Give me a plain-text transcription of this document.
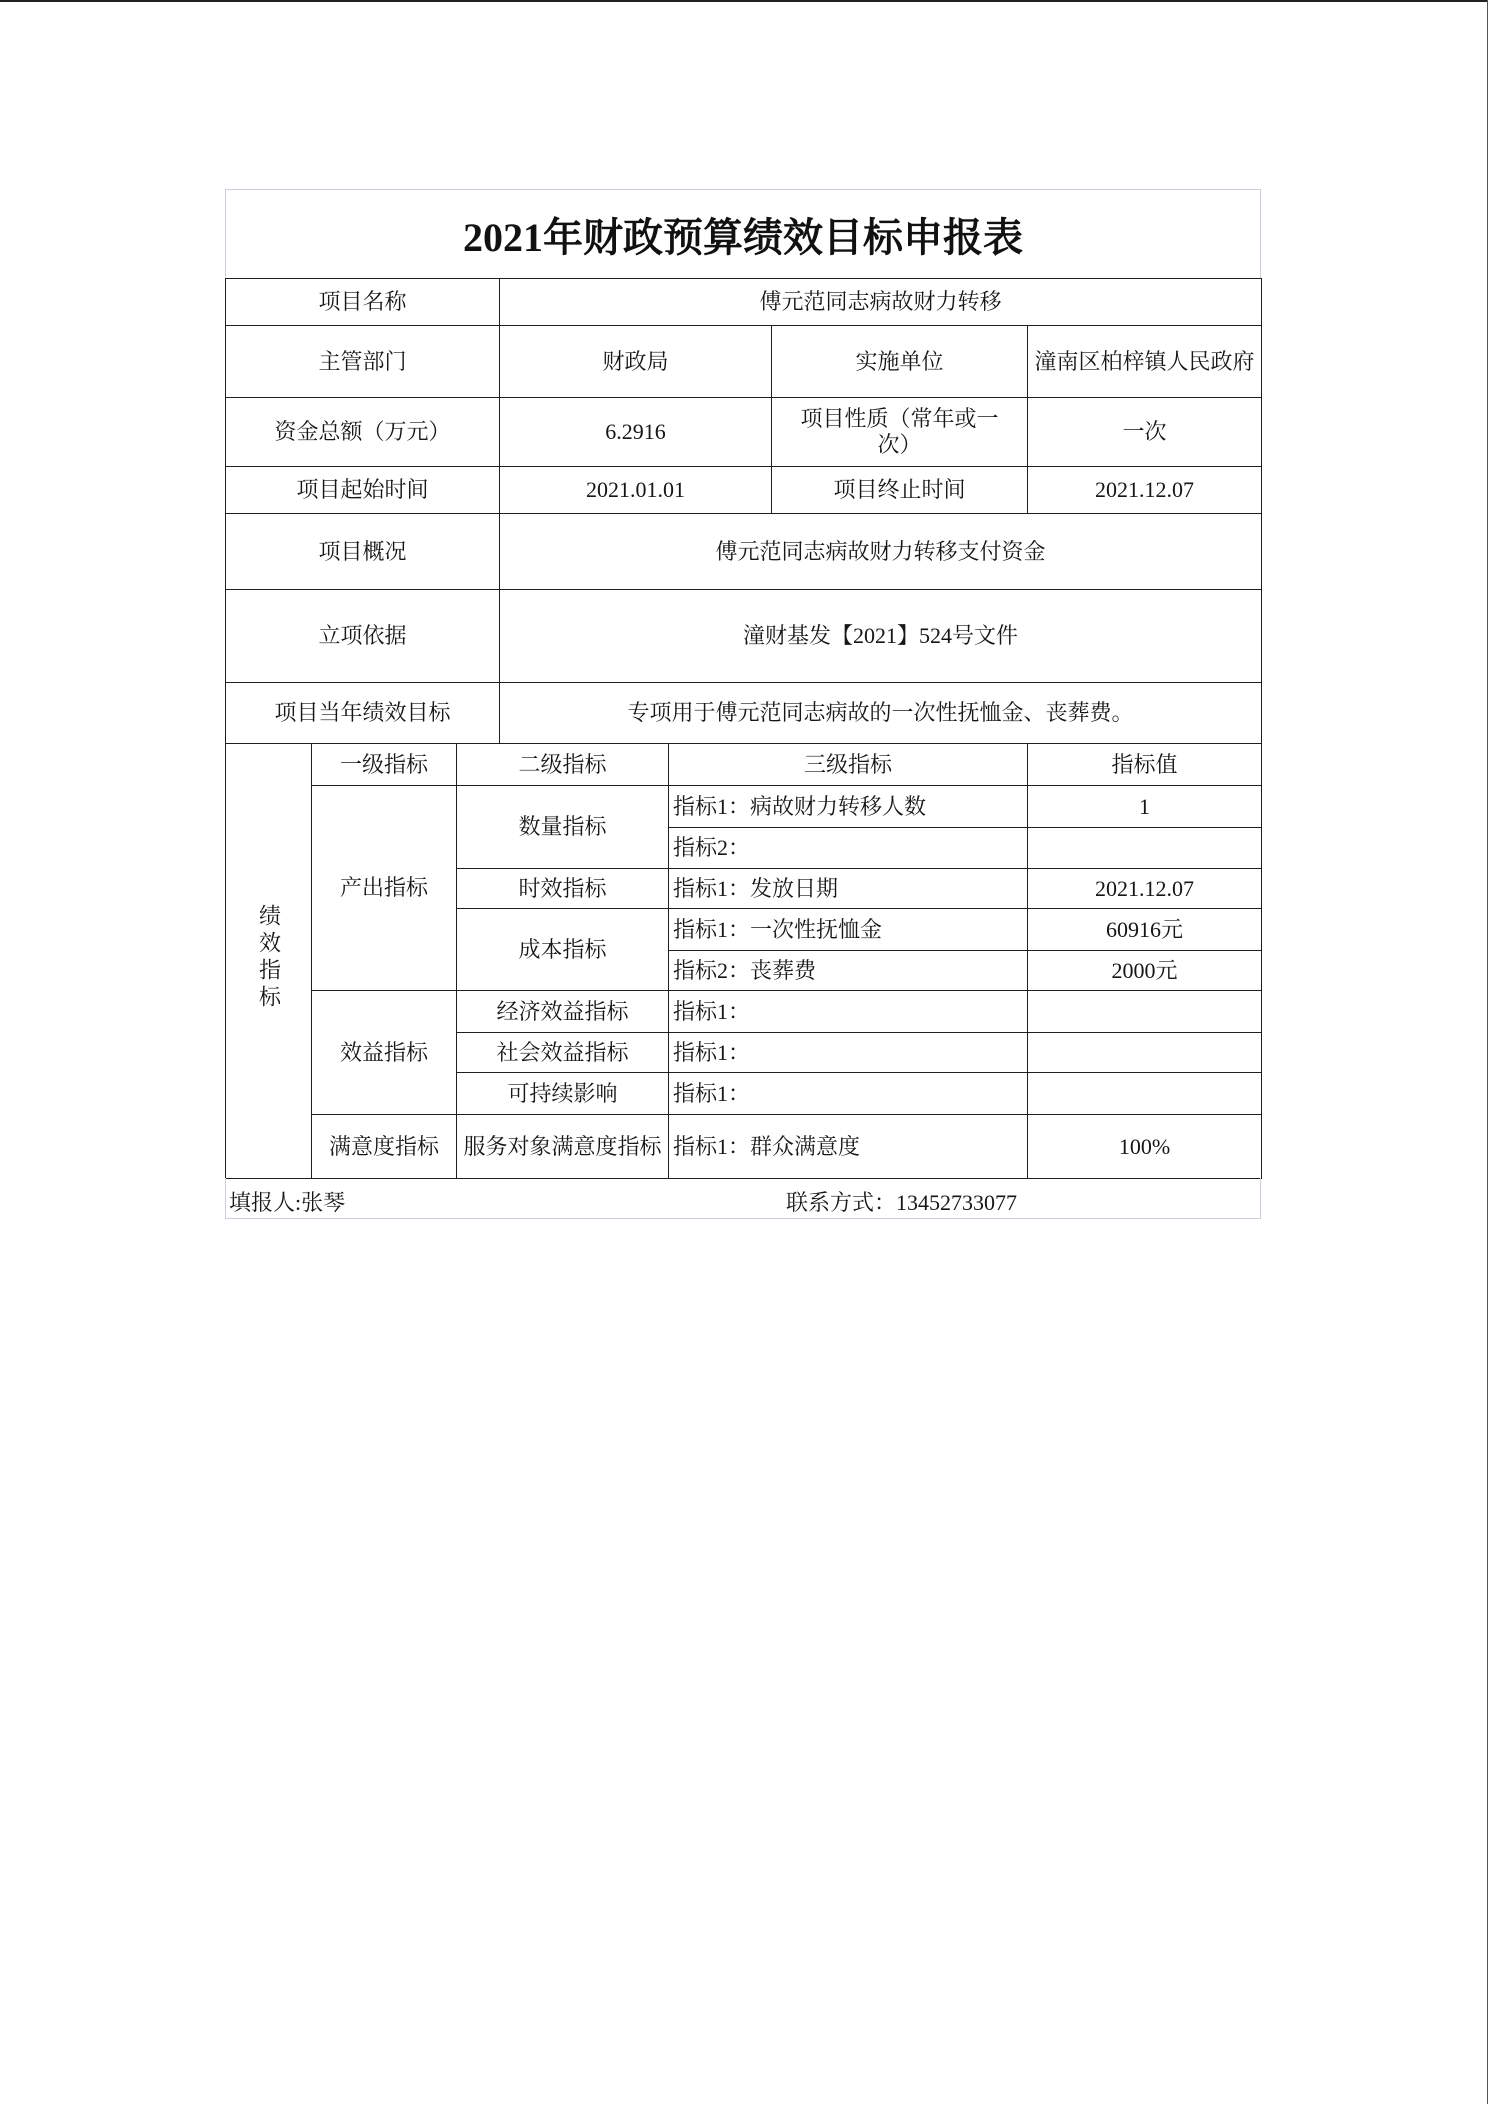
2021年财政预算绩效目标申报表
项目名称			傅元范同志病故财力转移			
主管部门			财政局		实施单位	潼南区柏梓镇人民政府
资金总额（万元）			6.2916		项目性质（常年或一次）	一次
项目起始时间			2021.01.01		项目终止时间	2021.12.07
项目概况			傅元范同志病故财力转移支付资金			
立项依据			潼财基发【2021】524号文件			
项目当年绩效目标			专项用于傅元范同志病故的一次性抚恤金、丧葬费。			
绩效指标	一级指标	二级指标		三级指标		指标值
	产出指标	数量指标		指标1：病故财力转移人数		1
				指标2：		
		时效指标		指标1：发放日期		2021.12.07
		成本指标		指标1：一次性抚恤金		60916元
				指标2：丧葬费		2000元
	效益指标	经济效益指标		指标1：		
		社会效益指标		指标1：		
		可持续影响		指标1：		
	满意度指标	服务对象满意度指标		指标1：群众满意度		100%
填报人:张琴	联系方式：13452733077
